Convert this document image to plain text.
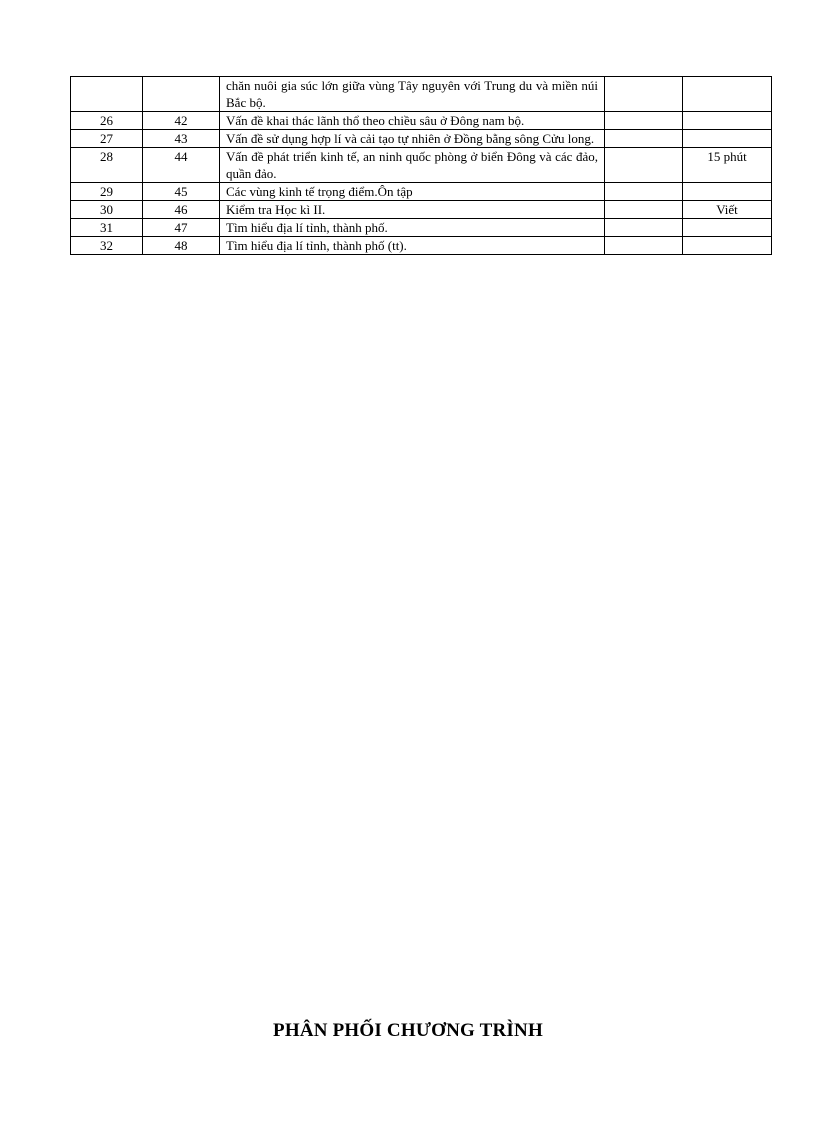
		chăn nuôi gia súc lớn giữa vùng Tây nguyên với Trung du và miền núi Bắc bộ.		
26	42	Vấn đề khai thác lãnh thổ theo chiều sâu ở Đông nam bộ.		
27	43	Vấn đề sử dụng hợp lí và cải tạo tự nhiên ở Đồng bằng sông Cửu long.		
28	44	Vấn đề phát triển kinh tế, an ninh quốc phòng ở biển Đông và các đảo, quần đảo.		15 phút
29	45	Các vùng kinh tế trọng điểm.Ôn tập		
30	46	Kiểm tra Học kì II.		Viết
31	47	Tìm hiểu địa lí tỉnh, thành phố.		
32	48	Tìm hiểu địa lí tỉnh, thành phố (tt).		
PHÂN PHỐI CHƯƠNG TRÌNH
